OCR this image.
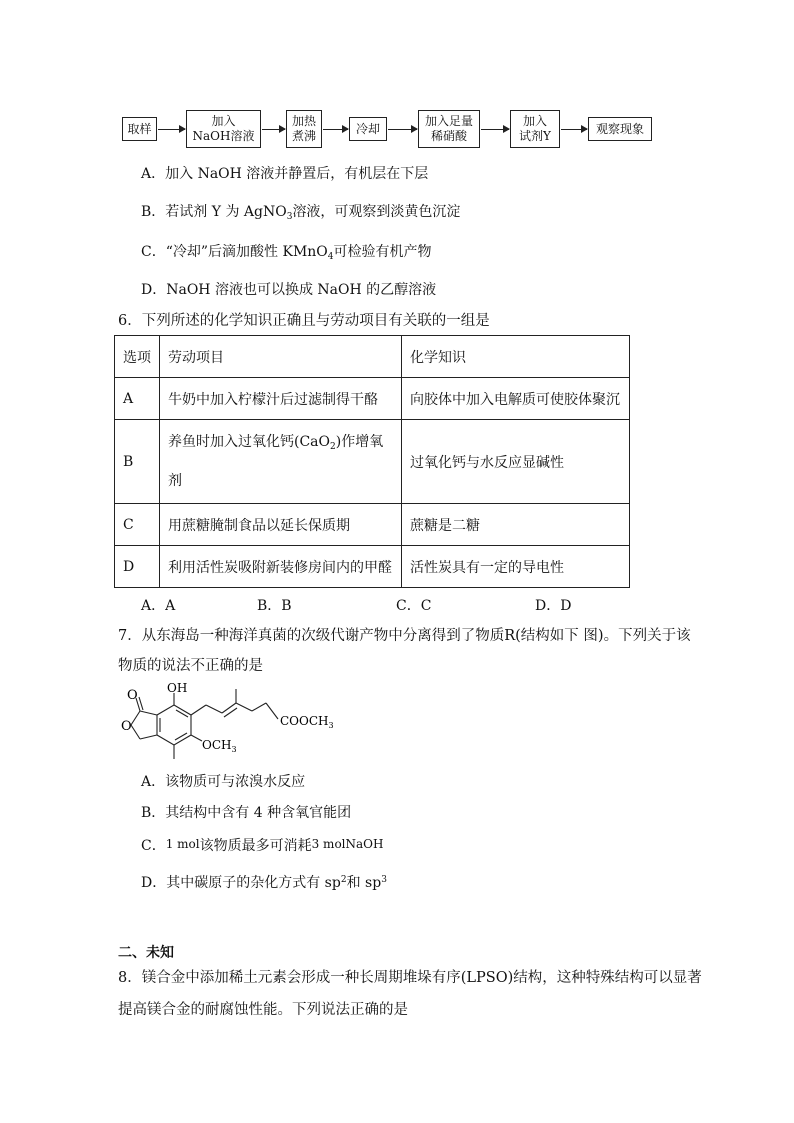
取样
加入
NaOH溶液
加热
煮沸
冷却
加入足量
稀硝酸
加入
试剂Y
观察现象
A．加入 NaOH 溶液并静置后，有机层在下层
B．若试剂 Y 为 AgNO$_3$溶液，可观察到淡黄色沉淀
C．“冷却”后滴加酸性 KMnO$_4$可检验有机产物
D．NaOH 溶液也可以换成 NaOH 的乙醇溶液
6．下列所述的化学知识正确且与劳动项目有关联的一组是
选项	劳动项目	化学知识
A	牛奶中加入柠檬汁后过滤制得干酪	向胶体中加入电解质可使胶体聚沉
B	养鱼时加入过氧化钙(CaO$_2$)作增氧
剂	过氧化钙与水反应显碱性
C	用蔗糖腌制食品以延长保质期	蔗糖是二糖
D	利用活性炭吸附新装修房间内的甲醛	活性炭具有一定的导电性
A．A	B．B	C．C	D．D
7．从东海岛一种海洋真菌的次级代谢产物中分离得到了物质R(结构如下 图)。下列关于该
物质的说法不正确的是
O
O
OH
$COOCH_3$
$OCH_3$
A．该物质可与浓溴水反应
B．其结构中含有 4 种含氧官能团
C．1 mol该物质最多可消耗3 molNaOH
D．其中碳原子的杂化方式有 $sp^2$和 $sp^3$
二、未知
8．镁合金中添加稀土元素会形成一种长周期堆垛有序(LPSO)结构，这种特殊结构可以显著
提高镁合金的耐腐蚀性能。下列说法正确的是
